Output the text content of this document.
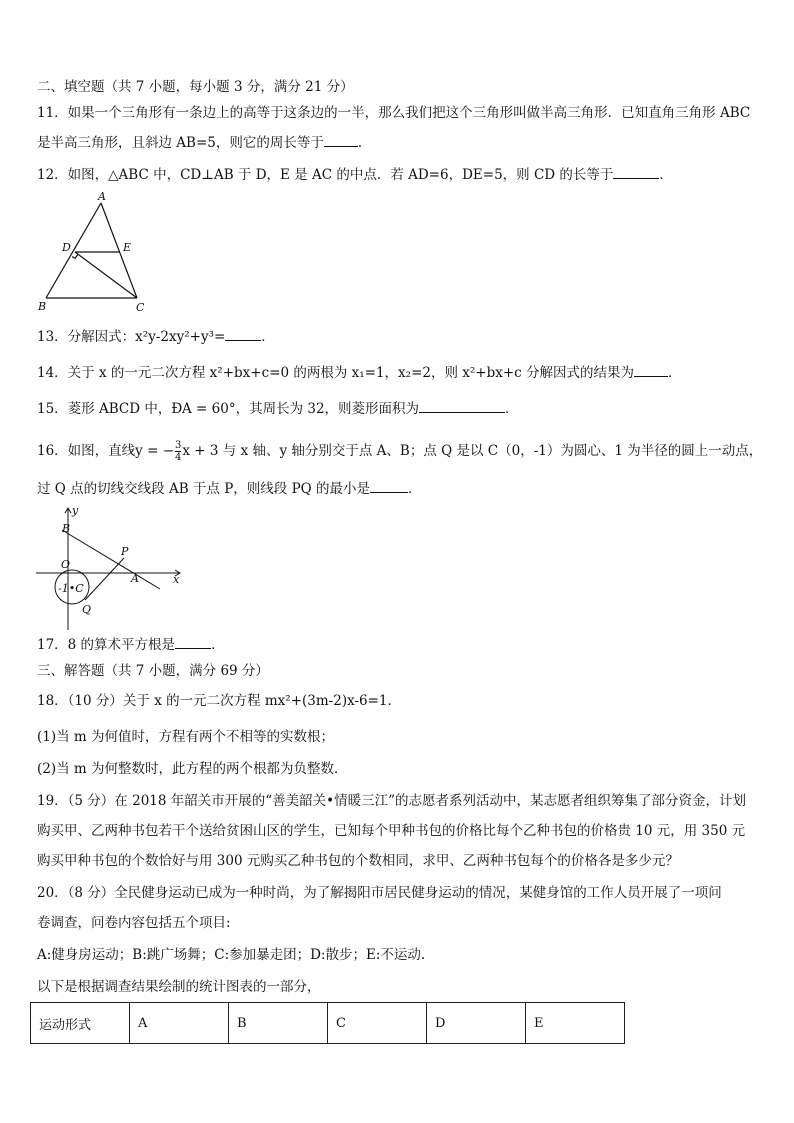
二、填空题（共 7 小题，每小题 3 分，满分 21 分）
11．如果一个三角形有一条边上的高等于这条边的一半，那么我们把这个三角形叫做半高三角形．已知直角三角形 ABC
是半高三角形，且斜边 AB=5，则它的周长等于	．
12．如图，△ABC 中，CD⊥AB 于 D，E 是 AC 的中点．若 AD=6，DE=5，则 CD 的长等于	．
A
D	E
B	C
13．分解因式：x²y-2xy²+y³=	．
14．关于 x 的一元二次方程 x²+bx+c=0 的两根为 x₁=1，x₂=2，则 x²+bx+c 分解因式的结果为	．
15．菱形 ABCD 中，ÐA = 60°，其周长为 32，则菱形面积为	．
16．如图，直线y = − $\frac{3}{4}$ x + 3 与 x 轴、y 轴分别交于点 A、B；点 Q 是以 C（0，-1）为圆心、1 为半径的圆上一动点，
过 Q 点的切线交线段 AB 于点 P，则线段 PQ 的最小是	．
y
B
O
P
A	x
-1•C
Q
17．8 的算术平方根是	．
三、解答题（共 7 小题，满分 69 分）
18．（10 分）关于 x 的一元二次方程 mx²+(3m-2)x-6=1．
(1)当 m 为何值时，方程有两个不相等的实数根；
(2)当 m 为何整数时，此方程的两个根都为负整数．
19．（5 分）在 2018 年韶关市开展的“善美韶关•情暖三江”的志愿者系列活动中，某志愿者组织筹集了部分资金，计划
购买甲、乙两种书包若干个送给贫困山区的学生，已知每个甲种书包的价格比每个乙种书包的价格贵 10 元，用 350 元
购买甲种书包的个数恰好与用 300 元购买乙种书包的个数相同，求甲、乙两种书包每个的价格各是多少元？
20．（8 分）全民健身运动已成为一种时尚，为了解揭阳市居民健身运动的情况，某健身馆的工作人员开展了一项问
卷调查，问卷内容包括五个项目:
A:健身房运动；B:跳广场舞；C:参加暴走团；D:散步；E:不运动.
以下是根据调查结果绘制的统计图表的一部分，
运动形式	A	B	C	D	E
